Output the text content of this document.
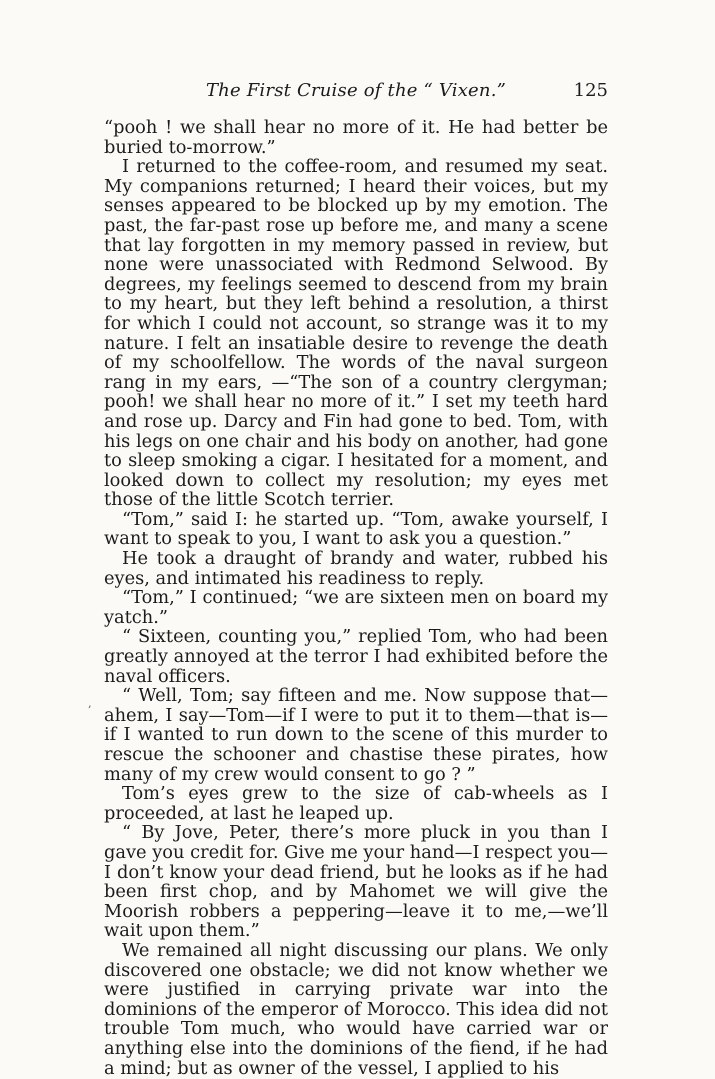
The First Cruise of the “ Vixen.”	125

“pooh ! we shall hear no more of it. He had better be buried to-morrow.”

I returned to the coffee-room, and resumed my seat. My companions returned; I heard their voices, but my senses appeared to be blocked up by my emotion. The past, the far-past rose up before me, and many a scene that lay forgotten in my memory passed in review, but none were unassociated with Redmond Selwood. By degrees, my feelings seemed to descend from my brain to my heart, but they left behind a resolution, a thirst for which I could not account, so strange was it to my nature. I felt an insatiable desire to revenge the death of my schoolfellow. The words of the naval surgeon rang in my ears, —“The son of a country clergyman; pooh! we shall hear no more of it.” I set my teeth hard and rose up. Darcy and Fin had gone to bed. Tom, with his legs on one chair and his body on another, had gone to sleep smoking a cigar. I hesitated for a moment, and looked down to collect my resolution; my eyes met those of the little Scotch terrier.

“Tom,” said I: he started up. “Tom, awake yourself, I want to speak to you, I want to ask you a question.”

He took a draught of brandy and water, rubbed his eyes, and intimated his readiness to reply.

“Tom,” I continued; “we are sixteen men on board my yatch.”

“ Sixteen, counting you,” replied Tom, who had been greatly annoyed at the terror I had exhibited before the naval officers.

“ Well, Tom; say fifteen and me. Now suppose that—ahem, I say—Tom—if I were to put it to them—that is—if I wanted to run down to the scene of this murder to rescue the schooner and chastise these pirates, how many of my crew would consent to go ? ”

Tom’s eyes grew to the size of cab-wheels as I proceeded, at last he leaped up.

“ By Jove, Peter, there’s more pluck in you than I gave you credit for. Give me your hand—I respect you—I don’t know your dead friend, but he looks as if he had been first chop, and by Mahomet we will give the Moorish robbers a peppering—leave it to me,—we’ll wait upon them.”

We remained all night discussing our plans. We only discovered one obstacle; we did not know whether we were justified in carrying private war into the dominions of the emperor of Morocco. This idea did not trouble Tom much, who would have carried war or anything else into the dominions of the fiend, if he had a mind; but as owner of the vessel, I applied to his

‚
